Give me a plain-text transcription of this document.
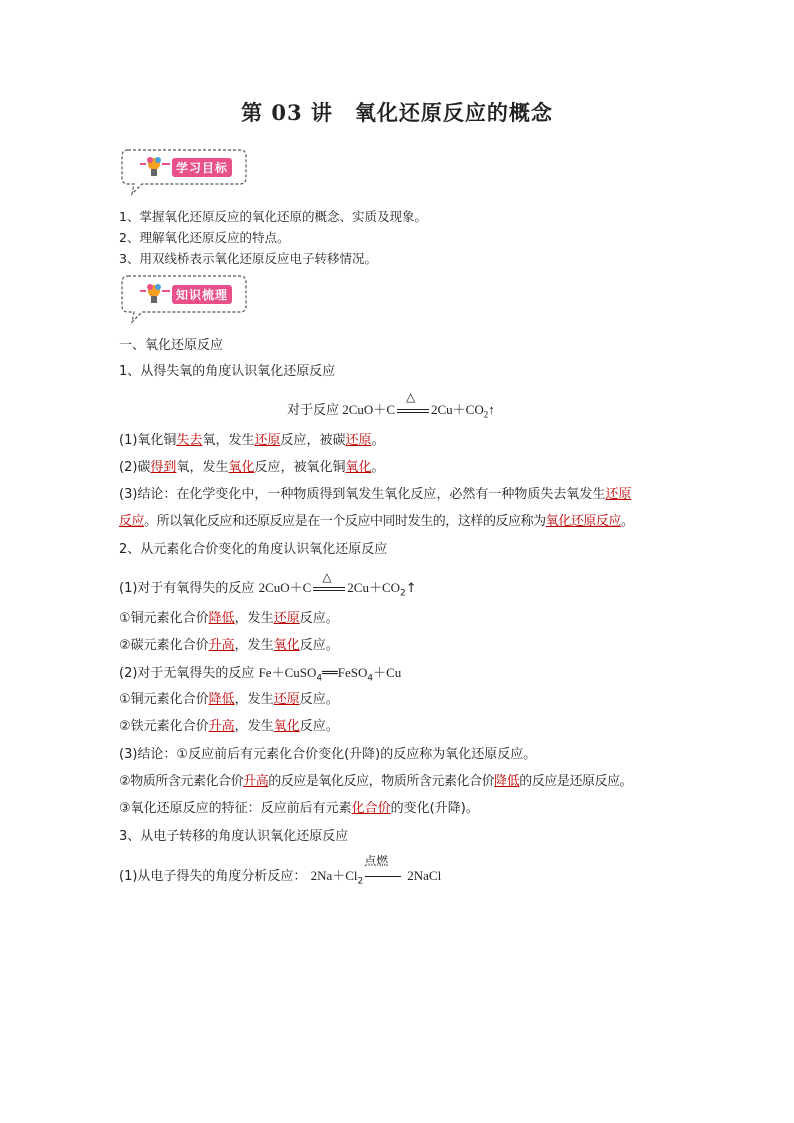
第 03 讲　氧化还原反应的概念
学习目标
1、掌握氧化还原反应的氧化还原的概念、实质及现象。
2、理解氧化还原反应的特点。
3、用双线桥表示氧化还原反应电子转移情况。
知识梳理
一、氧化还原反应
1、从得失氧的角度认识氧化还原反应
对于反应 2CuO＋C
△
$2Cu+CO_2↑$
(1)氧化铜失去氧，发生还原反应，被碳还原。
(2)碳得到氧，发生氧化反应，被氧化铜氧化。
(3)结论：在化学变化中，一种物质得到氧发生氧化反应，必然有一种物质失去氧发生还原
反应。所以氧化反应和还原反应是在一个反应中同时发生的，这样的反应称为氧化还原反应。
2、从元素化合价变化的角度认识氧化还原反应
(1)对于有氧得失的反应 2CuO＋C
△
$2Cu+CO_2↑$
①铜元素化合价降低，发生还原反应。
②碳元素化合价升高，发生氧化反应。
(2)对于无氧得失的反应 Fe＋CuSO$_4$══FeSO$_4$＋Cu
①铜元素化合价降低，发生还原反应。
②铁元素化合价升高，发生氧化反应。
(3)结论：①反应前后有元素化合价变化(升降)的反应称为氧化还原反应。
②物质所含元素化合价升高的反应是氧化反应，物质所含元素化合价降低的反应是还原反应。
③氧化还原反应的特征：反应前后有元素化合价的变化(升降)。
3、从电子转移的角度认识氧化还原反应
(1)从电子得失的角度分析反应： $2Na+Cl_2$
点燃
2NaCl
